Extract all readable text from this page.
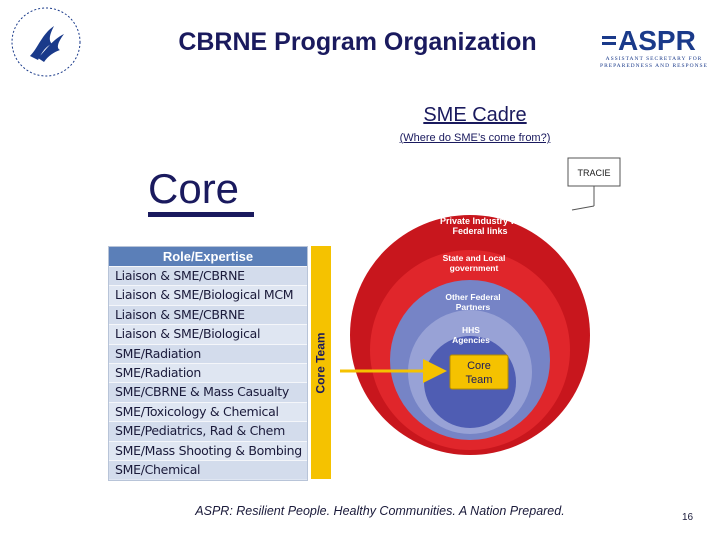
CBRNE Program Organization	ASPR
ASSISTANT SECRETARY FOR
PREPAREDNESS AND RESPONSE
SME Cadre
(Where do SME’s come from?)
Core
Role/Expertise
Liaison & SME/CBRNE
Liaison & SME/Biological MCM
Liaison & SME/CBRNE
Liaison & SME/Biological
SME/Radiation
SME/Radiation
SME/CBRNE & Mass Casualty
SME/Toxicology & Chemical
SME/Pediatrics, Rad & Chem
SME/Mass Shooting & Bombing
SME/Chemical
Core Team
Academia and
Private industry
Private Industry w/
Federal links
State and Local
government
Other Federal
Partners
HHS
Agencies
Core
Team
TRACIE
ASPR: Resilient People. Healthy Communities. A Nation Prepared.	16
